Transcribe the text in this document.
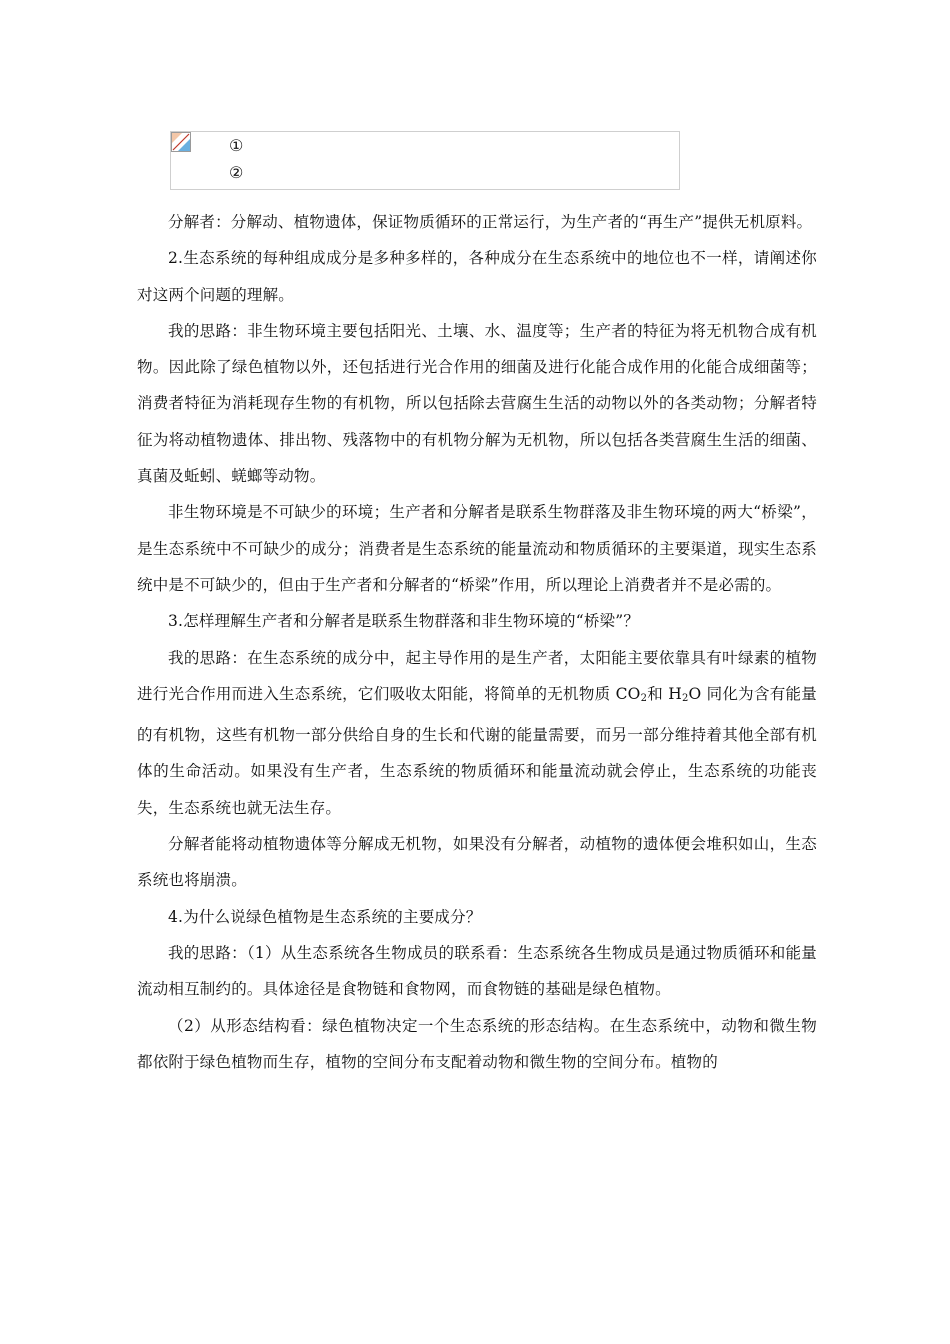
①
②

分解者：分解动、植物遗体，保证物质循环的正常运行，为生产者的“再生产”提供无机原料。

2.生态系统的每种组成成分是多种多样的，各种成分在生态系统中的地位也不一样，请阐述你对这两个问题的理解。

我的思路：非生物环境主要包括阳光、土壤、水、温度等；生产者的特征为将无机物合成有机物。因此除了绿色植物以外，还包括进行光合作用的细菌及进行化能合成作用的化能合成细菌等；消费者特征为消耗现存生物的有机物，所以包括除去营腐生生活的动物以外的各类动物；分解者特征为将动植物遗体、排出物、残落物中的有机物分解为无机物，所以包括各类营腐生生活的细菌、真菌及蚯蚓、蜣螂等动物。

非生物环境是不可缺少的环境；生产者和分解者是联系生物群落及非生物环境的两大“桥梁”，是生态系统中不可缺少的成分；消费者是生态系统的能量流动和物质循环的主要渠道，现实生态系统中是不可缺少的，但由于生产者和分解者的“桥梁”作用，所以理论上消费者并不是必需的。

3.怎样理解生产者和分解者是联系生物群落和非生物环境的“桥梁”？

我的思路：在生态系统的成分中，起主导作用的是生产者，太阳能主要依靠具有叶绿素的植物进行光合作用而进入生态系统，它们吸收太阳能，将简单的无机物质 $CO_2$和 $H_2O$ 同化为含有能量的有机物，这些有机物一部分供给自身的生长和代谢的能量需要，而另一部分维持着其他全部有机体的生命活动。如果没有生产者，生态系统的物质循环和能量流动就会停止，生态系统的功能丧失，生态系统也就无法生存。

分解者能将动植物遗体等分解成无机物，如果没有分解者，动植物的遗体便会堆积如山，生态系统也将崩溃。

4.为什么说绿色植物是生态系统的主要成分？

我的思路：（1）从生态系统各生物成员的联系看：生态系统各生物成员是通过物质循环和能量流动相互制约的。具体途径是食物链和食物网，而食物链的基础是绿色植物。

（2）从形态结构看：绿色植物决定一个生态系统的形态结构。在生态系统中，动物和微生物都依附于绿色植物而生存，植物的空间分布支配着动物和微生物的空间分布。植物的
